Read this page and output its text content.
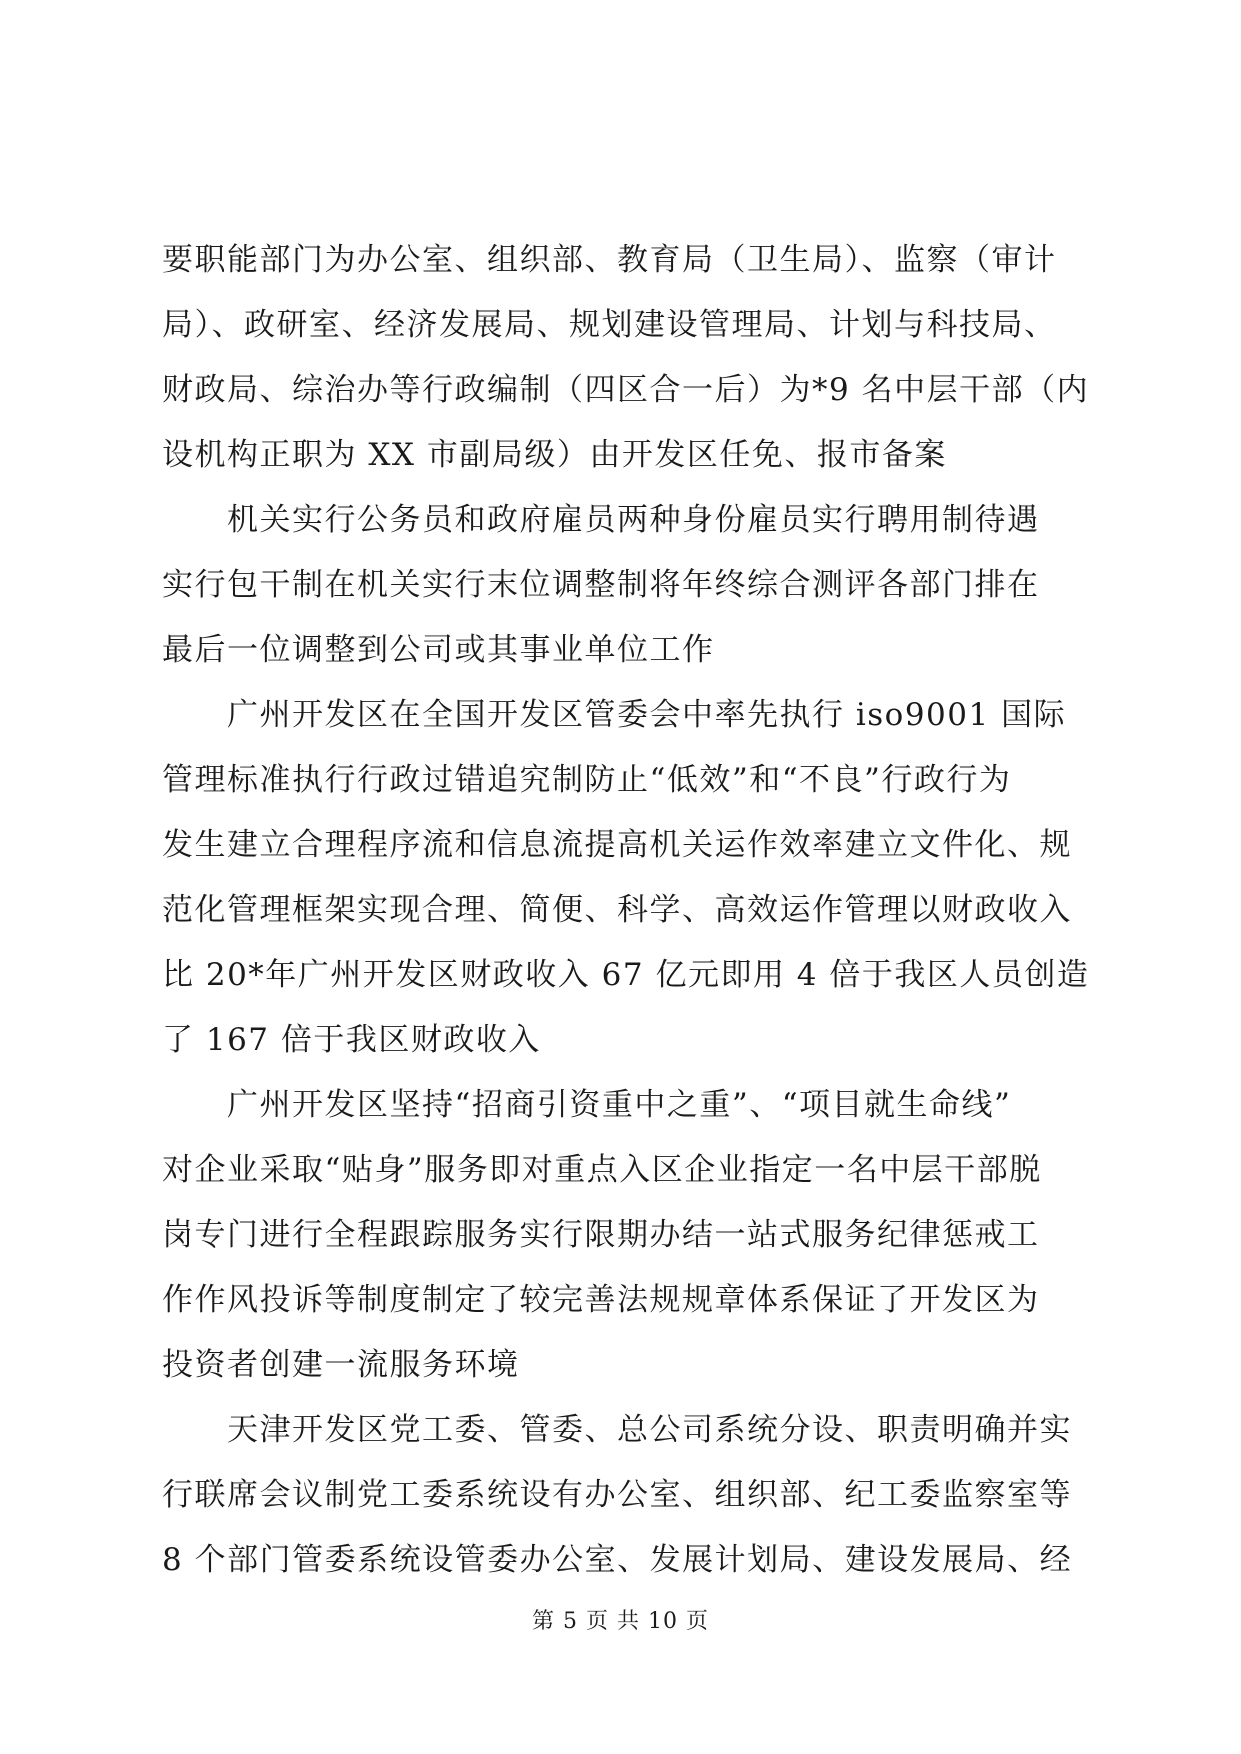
要职能部门为办公室、组织部、教育局（卫生局）、监察（审计
局）、政研室、经济发展局、规划建设管理局、计划与科技局、
财政局、综治办等行政编制（四区合一后）为*9 名中层干部（内
设机构正职为 XX 市副局级）由开发区任免、报市备案
　　机关实行公务员和政府雇员两种身份雇员实行聘用制待遇
实行包干制在机关实行末位调整制将年终综合测评各部门排在
最后一位调整到公司或其事业单位工作
　　广州开发区在全国开发区管委会中率先执行 iso9001 国际
管理标准执行行政过错追究制防止“低效”和“不良”行政行为
发生建立合理程序流和信息流提高机关运作效率建立文件化、规
范化管理框架实现合理、简便、科学、高效运作管理以财政收入
比 20*年广州开发区财政收入 67 亿元即用 4 倍于我区人员创造
了 167 倍于我区财政收入
　　广州开发区坚持“招商引资重中之重”、“项目就生命线”
对企业采取“贴身”服务即对重点入区企业指定一名中层干部脱
岗专门进行全程跟踪服务实行限期办结一站式服务纪律惩戒工
作作风投诉等制度制定了较完善法规规章体系保证了开发区为
投资者创建一流服务环境
　　天津开发区党工委、管委、总公司系统分设、职责明确并实
行联席会议制党工委系统设有办公室、组织部、纪工委监察室等
8 个部门管委系统设管委办公室、发展计划局、建设发展局、经
第 5 页 共 10 页
